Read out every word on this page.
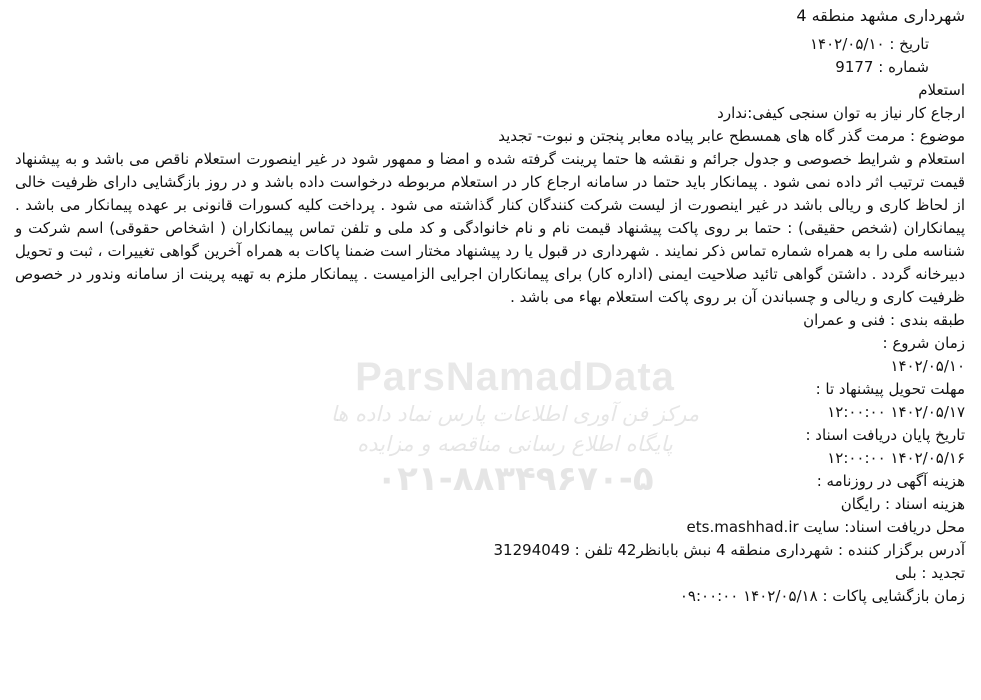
شهرداری مشهد منطقه 4

تاریخ : ۱۴۰۲/۰۵/۱۰

شماره : 9177

استعلام

ارجاع کار نیاز به توان سنجی کیفی:ندارد

موضوع : مرمت گذر گاه های همسطح عابر پیاده معابر پنجتن و نبوت- تجدید

استعلام و شرایط خصوصی و جدول جرائم و نقشه ها حتما پرینت گرفته شده و امضا و ممهور شود در غیر اینصورت استعلام ناقص می باشد و به پیشنهاد قیمت ترتیب اثر داده نمی شود . پیمانکار باید حتما در سامانه ارجاع کار در استعلام مربوطه درخواست داده باشد و در روز بازگشایی دارای ظرفیت خالی از لحاظ کاری و ریالی باشد در غیر اینصورت از لیست شرکت کنندگان کنار گذاشته می شود . پرداخت کلیه کسورات قانونی بر عهده پیمانکار می باشد . پیمانکاران (شخص حقیقی) : حتما بر روی پاکت پیشنهاد قیمت نام و نام خانوادگی و کد ملی و تلفن تماس پیمانکاران ( اشخاص حقوقی) اسم شرکت و شناسه ملی را به همراه شماره تماس ذکر نمایند . شهرداری در قبول یا رد پیشنهاد مختار است ضمنا پاکات به همراه آخرین گواهی تغییرات ، ثبت و تحویل دبیرخانه گردد . داشتن گواهی تائید صلاحیت ایمنی (اداره کار) برای پیمانکاران اجرایی الزامیست . پیمانکار ملزم به تهیه پرینت از سامانه وندور در خصوص ظرفیت کاری و ریالی و چسباندن آن بر روی پاکت استعلام بهاء می باشد .

طبقه بندی : فنی و عمران

زمان شروع :

۱۴۰۲/۰۵/۱۰

مهلت تحویل پیشنهاد تا :

۱۴۰۲/۰۵/۱۷ ۱۲:۰۰:۰۰

تاریخ پایان دریافت اسناد :

۱۴۰۲/۰۵/۱۶ ۱۲:۰۰:۰۰

هزینه آگهی در روزنامه :

هزینه اسناد : رایگان

محل دریافت اسناد: سایت ets.mashhad.ir

آدرس برگزار کننده : شهرداری منطقه 4 نبش بابانظر42 تلفن : 31294049

تجدید : بلی

زمان بازگشایی پاکات : ۱۴۰۲/۰۵/۱۸ ۰۹:۰۰:۰۰

ParsNamadData
مرکز فن آوری اطلاعات پارس نماد داده ها
پایگاه اطلاع رسانی مناقصه و مزایده
۰۲۱-۸۸۳۴۹۶۷۰-۵
